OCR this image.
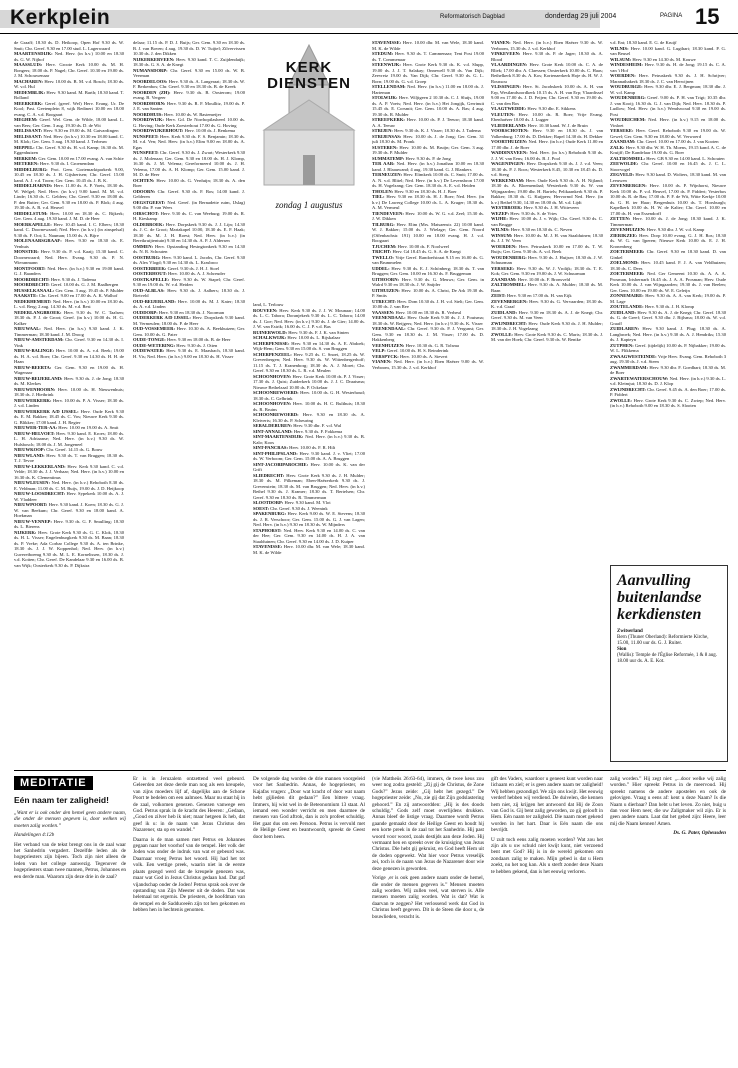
Kerkplein	Reformatorisch Dagblad	donderdag 29 juli 2004	PAGINA 15

de Graaff; 18.30 ds. D. Heikoop, Open Hof 9.30 ds. W. Smit; Chr. Geref. 9.30 en 17.00 stud. L. Lagerwaard

MAARTENSDIJK: Ned. Herv. (in h.v.) 10.00 en 18.30 ds. G. W. Nijhof

MAASSLUIS: Herv. Groote Kerk 10.00 ds. M. H. Bongers; 18.00 ds. P. Nagel; Chr. Geref. 10.30 en 19.00 ds. J. M. Schouwenaar

MACHAREN: Herv. 10.00 ds. B. M. v.d. Bosch; 18.30 ds. W. v.d. Hul

MEDEMBLIK: Herv. 9.30 kand. M. Barth; 18.30 kand. T. Bolland

MEERKERK: Geref. (geref. Wel) Herv. Evang. Ur. De Kool; Past. Geetenplein 8, wijk Redinert 10.00 en 18.00 evang. C. A. v.d. Boogaart

MEGHEM: Geref. Wel. Gem. de Wilde, 18.00 kand. L. van Bers; Ger. Gem. 3 aug. 19.30 ds. D. de Wit

MELISSANT: Herv. 9.30 en 19.00 ds. M. Gaivardingen

MELISSANT: Ned. Herv. (in h.v.) 10.30 en 18.00 kand. C. M. Klok; Ger. Gem. 5 aug. 19.30 kand. J. Terbeuw

MEPPEL: Chr. Geref. 9.30 ds. H. v.d. Kamp; 16.30 ds. M. Eggenhuizen

MERKEM: Ger. Gem. 10.00 en 17.00 evang. A. van Schie

METEREN: Herv. 9.30 ds. I. Groenendam

MIDDELBURG: Prot. Gem. Gortemarktparkerk 9.00, 10.45 en 18.30 ds. J. H. Gijsbertsen; Chr. Geref. 15.00 kand. A. J. v.d. Toorn; Ger. Gem. 10.45 ds. J. B. K.

MIDDELHARNIS: Herv. 11.00 ds. A. P. Voets, 18.30 ds. W. Welgel; Ned. Herv. (in h.v.) 9.00 kand. M. M. v.d. Linde; 16.30 ds. C. Gelders; Chr. Geref. 9.30 en 18.00 ds. P. den Butter; Ger. Gem. 9.30 en 18.00 ds. P. Blok; 4 aug. 19.30 ds. A. B. v.d. Heuvel

MIDDELSTUM: Herv. 10.00 en 18.30 ds. C. Bijkerk; Ger. Gem. 4 aug. 19.30 kand. J. M. D. de Heer

MOERKAPELLE: Herv. 10.45 kand. I. C. Elbers; 18.30 kand. C. Doornewaard; Ned. Herv. (in h.v.) (in zinspelsal) 9.30 ds. F. Oot; L. Nauman; 15.00 ds. A. Bijre

MOLENAARSGRAAF: Herv. 9.30 en 18.30 ds. E. Venhuis

MONSTER: Herv. 9.30 ds. P. v.d. Kaaij; 15.30 kand. C. Doornewaard; Ned. Herv. Evang. 9.30 ds. P. N. Wieranmann

MONTFOORT: Ned. Herv. (in h.v.) 9.30 en 19.00 kand. G. J. Baanders

MOORDRECHT: Herv. 9.30 ds. J. Tadema

MOORDRECHT: Geref. 10.00 ds. G. J. M. Baalbergen

MUSSELKANAAL: Ger. Gem. 3 aug. 19.45 ds. P. Mulder

NAAKSTE: Chr. Geref. 9.00 en 17.00 ds. A. K. Walhof

NEDERHEMERT: Ned. Herv. (in h.v.) 10.00 en 18.30 ds. L. v.d. Berg; 2 aug. 14.30 ds. M. v.d. Rest

NEDERLANGBROEK: Herv. 9.30 ds. W. C. Taalsen; 18.30 ds. P. J. de Groot; Geref. (in h.v.) 10.00 ds. H. G. Kalker

NIEUWAAL: Ned. Herv. (in h.v.) 9.30 kand. J. K. Timmerman; 18.30 kand. J. M. Droog

NIEUW-AMSTERDAM: Chr. Geref. 9.30 en 14.30 ds. I. Vink

NIEUW-BALINGE: Herv. 10.00 ds. A. v.d. Beek; 19.00 ds. H. A. v.d. Boer; Chr. Geref. 9.30 en 14.30 ds. H. H. de Haan

NIEUW-BEERTA: Ger. Gem. 9.30 en 19.00 ds. H. Wagenaar

NIEUW-BEIJERLAND: Herv. 9.30 ds. J. de Jong; 18.30 ds. M. Klerkes

NIEUWENHOORN: Herv. 10.00 ds. H. Nieuwenhuis; 18.30 ds. J. Hietbrink

NIEUWERKERK: Herv. 10.00 ds. P. A. Visser; 18.30 ds. J. v.d. Linden

NIEUWERKERK A/D IJSSEL: Herv. Oude Kerk 9.30 ds. E. M. Bakker; 18.45 ds. C. Vos; Nieuwe Kerk 9.30 ds. G. Blikker; 17.00 kand. J. H. Regter

NIEUWER-TER-AA: Herv. 10.00 en 19.00 ds. A. Smit

NIEUW-HELVOET: Herv. 9.30 kand. E. Kroes; 18.00 ds. L. H. Adriaanse; Ned. Herv. (in h.v.) 9.30 ds. W. Hulsbosch; 18.00 ds. J. M. Jongeneel

NIEUWKOOP: Chr. Geref. 14.15 ds. G. Bouw

NIEUWLAND: Herv. 9.30 ds. T. van Bruggen; 18.30 ds. T. J. Tevoe

NIEUW-LEKKERLAND: Herv. Kerk 9.30 kand. C. v.d. Velde; 18.30 ds. J. J. Verhaar; Ned. Herv. (in h.v.) 10.00 en 16.30 ds. K. Clementinus

NIEUWLEUSEN: Ned. Herv. (in h.v.) Rehoboth 8.30 ds. E. Veldman; 11.00 ds. C. M. Buijs, 19.00 ds. J. D. Heijkoop

NIEUW-LOOSDRECHT: Herv. Sypekerk 10.00 ds. A. J. W. Vladdeer

NIEUWPOORT: Herv. 9.30 kand. J. Koen; 18.30 ds. G. J. W. van Beekum; Chr. Geref. 9.30 en 18.00 kand. A. Hoekman

NIEUW-VENNEP: Herv. 9.30 ds. G. F. Smulling; 18.30 ds. L. Bierens

NIJKERK: Herv. Grote Kerk 9.30 ds. G. C. Klok, 18.30 ds. H. L. Visser; Engelenburgkerk 9.30 ds. M. Baan; 18.30 ds. P. Vreke; Ada Corbar College 9.30 ds. A. ten Brinke, 18.30 ds. J. J. W. Koppenhol; Ned. Herv. (in h.v.) Guvereiboemg 9.30 ds. M. L. E. Kornelissen, 18.30 ds. J. v.d. Kotten; Chr. Geref. De Kandelaar 9.30 en 16.00 ds. B. van Wijk; Oosterkerk 9.30 ds. P. Dijkstra

delaar; 11.15 ds. P. D. J. Buijs; Ger. Gem. 9.30 en 18.30 ds. B. J. van Boven; 4 aug. 19.30 ds. D. W. Tuijtel; Zilvervissen 10.30 ds. J. den Dikken

NIJKERKERVEEN: Herv. 9.30 kand. T. C. Zuijdendaijk; 18.30 ds. G. S. A. de Knegt

NUMANSDORP: Chr. Geref. 9.30 en 15.00 ds. W. B. Veerman

NOORDELOOS: Herv. 9.30 ds. A. Langeraat; 18.30 ds. W. F. Berkenbos; Chr. Geref. 9.30 en 18.30 ds. B. de Kreek

NOORDEN (ZH): Herv. 9.30 ds. B. Oosterom; 19.00 evang. B. Vergeer

NOORDHORN: Herv. 9.30 ds. R. F. Moullitz, 19.00 ds. P. J. E. van Santen

NOORDHUIS: Herv. 10.00 ds. W. Bastemeijer

NOORDWIJK: Herv. Gd. De Norrhoptlasheerl 10.00 ds. G. Hoving; Oude Kerk Zoesterhout 17.00 ds. G. Hoving

NOORDWIJKERHOUT: Herv. 10.00 ds. J. Renkema

NUNSPEET: Herv. Kerk 9.30 ds. F. S. Benjamin; 18.30 ds. M. v.d. Ven; Ned. Herv. (in h.v.) Elim 9.00 en 18.00 ds. A. Egas

NUNSPEET: Chr. Geref. 9.30 ds. J. Zwart; Westerkerk 9.30 ds. J. Molenaar; Ger. Gem. 9.30 en 18.00 ds. H. J. Klomp, 16.30 ds. J. M. Velema; Gereformeerd 10.00 ds. J. H. Velema, 17.00 ds. A. H. Klomp; Ger. Gem. 15.00 kand. J. M. D. de Heer

OCHTEN: Herv. 10.00 ds. G. Verduijn; 18.30 ds. A. den Boer

ODOORN: Chr. Geref. 9.30 ds. F. Bos; 14.00 kand. J. Gelderen

OEGSTGEEST: Ned. Geref. (in Bernadette ruim, IJslag) 9.00 dhr. P. van Wees

OIRSCHOT: Herv. 9.30 ds. C. van Weeburg; 19.00 ds. R. H. Kieskamp

OLDEBROEK: Herv. Dorpskerk 9.30 ds. J. J. Lijn; 14.30 ds. J. C. de Groot; Mariakapel 10.00, 18.30 ds. E. F. Haak; 18.30 ds. M. J. H. Roest; Ned. Herv. (in h.v.) (in Bereikruijtentuin) 9.30 en 14.30 ds. A. P. J. Aldersen

OMMEN: Herv. Opstanding Hesingtonkerk 9.30 en 14.30 ds. N. R. Schouten

OOSTBURG: Herv. 9.30 kand. L. Jacobs, Chr. Geref. 9.30 ds. Alex Vlogd; 9.30 en 14.30 ds. L. Krasbroo

OOSTERBEEK: Geref. 9.30 ds. J. H. J. Stoel

OOSTERHOUT: Herv. 10.00 ds. A. J. Schreuder

OOSTKAPELLE: Herv. 9.30 ds. W. Stapel; Chr. Geref. 9.30 en 19.00 ds. W. v.d. Heiden

OUD-ALBLAS: Herv. 9.30 ds. J. Aalbers; 18.30 ds. J. Rietveld

OUD-BEIJERLAND: Herv. 10.00 ds. M. J. Kater; 18.30 ds. A. v.d. Linden

OUDDORP: Herv. 9.30 en 18.30 ds. J. Noorman

OUDERKERK A/D IJSSEL: Herv. Dorpskerk 9.30 kand. M. Vermeulen; 18.00 ds. P. de Heer

OUD-VOSSEMEER: Herv. 10.30 ds. A. Beekhuizen; Ger. Gem. 10.00 ds. G. Pater

OUDE-TONGE: Herv. 9.30 en 18.00 ds. B. de Heer

OUDE-WETERING: Herv. 9.30 ds. J. Otten

OUDEWATER: Herv. 9.30 ds. E. Maasbach, 18.30 kand. H. Vis; Ned. Herv. (in h.v.) 9.00 en 18.30 ds. H. Visser

KERK
DIENSTEN
zondag 1 augustus

land, L. Terlouw

ROUVEEN: Herv. Kerk 9.30 ds. J. J. W. Mounaar; 14.00 ds. L. C. Tabora; Doranjekerk 9.30 ds. L. C. Tabora; 14.00 ds. J. Goe; Ned. Herv. (in h.v.) 9.30 ds. J. de Gier; 14.00 ds. J. W. van Estrik; 16.00 ds. C. J. P. v.d. Bas

RUINERWOLD: Herv. 9.30 ds. F. J. K. van Sinten

SCHALKWIJK: Herv. 10.00 ds. L. Rijskalaar

SCHERPENISSE: Herv. 9.30 en 14.30 ds. A. E. Abdoek; Wijk-Hem; Gem. 9.30 en 15.00 ds. S. van Bruggen

SCHERPENZEEL: Herv. 9.25 ds. C. Snoei, 18.25 ds. W. Grevenbergen; Ned. Herv. 9.30 ds. W. Wittenbergerhoff; 11.15 ds. T. J. Kranenborg; 18.30 ds. A. J. Moret; Chr. Geref. 9.30 en 18.30 ds. L. R. v.d. Meulen

SCHOONHOVEN: Herv. Grote Kerk 10.00 ds. P. J. Visser; 17.30 ds. J. Quist; Zuiderkerk 10.00 ds. J. J. C. Draaisma; Nieuwe Bethelzaal 10.00 ds. P. Ockelaar

SCHOONREWOERD: Herv. 10.00 ds. G. H. Westerhoud; 18.30 ds. C. Gelbrink

SCHOONHOVEN: Herv. 10.00 ds. H. C. Bulthuis; 18.30 ds. R. Bruins

SCHOONREWOERD: Herv. 9.30 en 18.30 ds. A. Kleiverts; 16.30 ds. P. Scheuring

SEBALDEBUREN: Herv. 9.30 dhr. F. v.d. Wal

SINT-ANNALAND: Herv. 9.30 ds. F. Fokkema

SINT-MAARTENSDIJK: Ned. Herv. (in h.v.) 9.30 ds. B. Kalo; Koos

SINT-PANCRAS: Herv. 10.00 ds. F. R. Hilt

SINT-PHILIPSLAND: Herv. 9.30 kand. J. v. Vliet; 17.00 ds. W. Verboom; Ger. Gem. 15.00 ds. A. A. Bruggen

SINT-JACOBIPAROCHIE: Herv. 10.00 ds. K. van der Grift

SLIEDRECHT: Herv. Grote Kerk 9.30 ds. J. H. Mulder; 18.30 ds. M. Pilkeman; Eben-Haëzerkerk 9.30 ds. J. Grevenstein; 18.30 ds. M. van Bruggen; Ned. Herv. (in h.v.) Bethel 9.30 ds. J. Kramer; 18.30 ds. T. Bertelsen; Chr. Geref. 9.30 en 18.30 ds. R. Timmerman

SLOOTDORP: Herv. 9.30 kand. M. Vlot

SOEST: Chr. Geref. 9.30 ds. J. Weenink

SPAKENBURG: Herv. Kerk 9.00 ds. W. E. Stevens; 18.30 ds. J. R. Verschoor; Ger. Gem. 15.00 ds. G. J. van Lagen; Ned. Herv. (in h.v.) 9.30 en 18.30 ds. W. Mijnders

STAPHORST: Ned. Herv. Kerk 9.30 en 14.00 ds. C. van der Hee; Ger. Gem. 9.30 en 14.00 ds. H. J. A. van Staalduinen; Chr. Geref. 9.30 en 14.00 ds. J. D. Kuiper

STAVENISSE: Herv. 10.00 dhr. M. van Wele; 18.30 kand. M. K. de Wilde

STAVENISSE: Herv. 10.00 dhr. M. van Wele, 18.30 kand. M. K. de Wilde

STEDUM: Herv. 9.30 ds. T. Cammenaar; Tent Post 19.00 ds. T. Commenaar

STEENWIJK: Herv. Grote Kerk 9.30 ds. K. v.d. Slupp, 19.00 ds. J. J. T. Salakay; Onnewell 9.30 ds. Van Dijk; Zeevreiz 19.00 ds. Van Dijk; Chr. Geref. 9.30 ds. G. L. Born; 19.00 ds. G. v.d. Groep

STELLENDAM: Ned. Herv. (in h.v.) 11.00 en 18.00 ds. J. Harteman

STOLWIJK: Herv. Wiljigeen 2 10.30 ds. C. J. Sluijs, 19.00 ds. A. P. Voets; Ned. Herv. (in h.v.) Het Jongijk, Gerrinuit 15.45 ds. E. Corsmit; Ger. Gem. 10.00 ds. A. Bas; 4 aug. 19.30 ds. R. Mulder

STREEFKERK: Herv. 10.00 ds. P. J. Teeuw; 18.30 kand. A. A. Teeuw

STRIJEN: Herv. 9.30 ds. K. J. Visser; 18.30 ds. J. Tadema

STRIJENSAS: Herv. 10.00 ds. J. de Jong; Ger. Gem. 31 juli 18.30 ds. M. Pronk

SUSTEREN: Herv. 10.00 ds. M. Bruijn; Ger. Gem. 3 aug. 19.30 ds. P. Mulder

SUMMATEMP: Herv. 9.30 ds. P. de Jong

TER AAR: Ned. Herv. (in h.v.) Jonathan 10.00 en 18.30 kand. J. Blaauwand; 4 aug. 19.30 kand. G. J. Blankers

TERNEUZEN: Herv. Elimkerk 10.00 ds. C. Smit; 17.00 ds. A. N. v.d. Blitel; Ned. Herv. (in h.v.) De Levensbron 17.00 ds. H. Vogelzang; Ger. Gem. 18.30 ds. A. E. v.d. Heiden

THOLEN: Herv. 9.30 en 18.30 ds. H. J. Boer

TIEL: Herv. 9.30 en 18.30 ds. H. J. Boer; Ned. Herv. (in h.v.) De Lawerg College 10.00 ds. L. A. Kruger; 18.30 ds. A. M. Vermeul

TIENDEVEEN: Herv. 10.00 ds. W. G. v.d. Zeel; 15.30 ds. J. W. Dikken

TILBURG: Herv. Elim (Mrs. Matsaenstr. 22) 10.00 kand. W. J. Bakker; 15.00 ds. J. Wielage; Ger. Gem. Noord (Offenbachstr. 191) 10.00 en 18.00 evang. H. J. v.d. Boogaart

TJUCHEM: Herv. 10.00 ds. F. Noolweel

TRICHT: Herv. Gd 18.45 ds. G. S. A. de Knegt

TWELLO: Vrije Geref. Randoefstraat 9.15 en 16.00 ds. G. van Brummelen

UDDEL: Herv. 9.30 ds. E. J. Schönberg; 18.30 ds. T. van Bruggen; Ger. Gem. 10.00 en 16.30 ds. F. Bruggeman

UITHOORN: Herv. 9.30 ds. G. Meuws; Ger. Gem. in Walrd 9.30 en 18.30 ds. J. W. Snijder

UITHUIZEN: Herv. 10.00 ds. A. Christ, De Ark 19.30 ds. P. Smits

UTRECHT: Herv. Dom 10.30 ds. J. H. v.d. Stelt; Ger. Gem. 10.00 ds. J. van Ree

VAASSEN: Herv. 10.00 en 18.30 ds. R. Verheul

VEENENDAAL: Herv. Oude Kerk 9.30 ds. J. J. Poutsma; 18.30 ds. W. Reijgers; Ned. Herv. (in h.v.) 9.30 ds. K. Visser

VEENENDAAL: Chr. Geref. 9.30 ds. P. J. Vergunst; Ger. Gem. 9.30 en 18.30 ds. J. M. Visser; 17.00 ds. D. Hakkenberg

VEENHUIZEN: Herv. 10.30 ds. G. R. Tolsma

VELP: Geref. 10.00 ds. H. S. Reinderink

VERSPYCK: Herv. 10.00 ds. A. Sievert

VIANEN: Ned. Herv. (in h.v.) Eben Haëzer 9.00 ds. W. Verboom, 15.30 ds. J. v.d. Kerkhof

VIANEN: Ned. Herv. (in h.v.) Eben Haëzer 9.30 ds. W. Verboom, 15.30 ds. J. v.d. Kerkhof

VINKEVEEN: Herv. 9.30 ds. P. de Jager; 18.30 ds. A. Blood

VLAARDINGEN: Herv. Grote Kerk 10.00 ds. C. A. de Bliek; 17.00 dhr. A. Claessen; Oosterkerk 10.00 ds. C. Haas; Bethelkerk 8.30 ds. A. Kos; Kortenaerkerk Hoje ds. H. W. J. Roussou

VLISSINGEN: Herv. St. Jacobskerk 10.00 ds. A. H. van Erp, Westlandsoordkerk 10.15 ds. A. H. van Erp; Vlaardissel 9.00 en 17.00 ds. J. D. Feijen; Chr. Geref. 9.30 en 19.00 ds. C. van den Bos

VLAGTWEDDE: Herv. 9.30 dhr. E. Sikkens

VLEUTEN: Herv. 10.00 ds. R. Boer; Vrije Evang. Ebenhaëzer 10.00 ds. J. Lugger

VLIEDERLAND: Herv. 10.30 kand. W. J. de Bruin

VOORSCHOTEN: Herv. 9.30 en 18.30 ds. J. van Valkenburg; 17.00 ds. D. Dekker; Rapel 14.30 ds. H. Dekker

VOORTHUIZEN: Ned. Herv. (in h.v.) Oude Kerk 11.00 en 17.00 dhr. J. de Boer

WADDINXVEEN: Ned. Herv. (in h.v.) Rehoboth 9.30 ds. J. J. W. van Eens; 16.00 ds. B. J. Pool

WAGENINGEN: Herv. Dorpskerk 9.30 ds. J. J. v.d. Veen; 18.30 ds. P. J. Roos; Westerkerk 8.45, 10.30 en 18.45 ds. D. v.d. Steeg

WERKENDAM: Herv. Oude Kerk 9.30 ds. A. H. Nijland; 18.30 ds. A. Bloemendaal; Westerkerk 9.30 ds. W. van Wijngaarden; 19.00 dhr. H. Bartels; Pelikaankerk 9.30 ds. P. Bakker; 18.30 ds. G. Kuijpers; Hervormd Ned. Herv. (in h.v.) Bethel 9.30, 14.30 en 18.00 ds. M. v.d. Lijdt

WESTBROEK: Herv. 9.30 ds. J. H. Witteveen

WEZEP: Herv. 9.30 ds. S. de Vries

WIJHE: Herv. 10.00 ds. J. v. Wijk; Chr. Geref. 9.30 ds. C. van Brugge

WILNIS: Herv. 9.30 en 18.30 ds. C. Neven

WINSUM: Herv. 10.00 ds. M. J. H. van Staalduinen; 18.30 ds. J. J. W. Veen

WOERDEN: Herv. Petruskerk 10.00 en 17.00 ds. T. W. Buijs; Ger. Gem. 9.30 ds. A. v.d. Beek

WOUDENBERG: Herv. 9.30 ds. J. Huijser; 18.30 ds. J. W. Schuurman

YERSEKE: Herv. 9.30 ds. W. J. Vrolijk; 18.30 ds. T. E. Kok; Ger. Gem. 9.30 en 19.00 ds. J. W. Schuurman

ZAANDAM: Herv. 10.00 ds. F. Bronsveld

ZALTBOMMEL: Herv. 9.30 ds. A. Mulder; 18.30 ds. M. Baan

ZEIST: Herv. 9.30 en 17.00 ds. H. van Eijk

ZEVENBERGEN: Herv. 9.30 ds. G. Vervaarden; 18.30 ds. K. v.d. Graaf

ZUIDLAND: Herv. 9.30 en 18.30 ds. A. J. de Knegt; Chr. Geref. 9.30 ds. M. van Veen

ZWIJNDRECHT: Herv. Oude Kerk 9.30 ds. J. H. Mulder; 18.30 ds. J. H. Vogelzang

ZWOLLE: Herv. Grote Kerk 9.30 ds. C. Maris; 18.30 ds. J. M. van der Hoek; Chr. Geref. 9.30 ds. W. Bentke

v.d. Ent; 18.30 kand. E. G. de Kruijf

WILNIS: Herv. 10.00 kand. G. Lugthart; 18.30 kand. P. G. van Beusel

WILSUM: Herv. 9.30 en 14.30 ds. M. Kouwe

WINDESHEIM: Herv. 9.30 ds. H. de Jong; 19.15 ds. C. A. van 't Hof

WOERDEN: Herv. Petruskerk 9.30 ds. J. H. Schrijver; Maranathakerk 18.30 ds. J. C. van Herwijnen

WOUDBURGE: Herv. 9.30 dhr. E. J. Bergman; 18.30 dhr. J. W. v.d. Kamp

WOUDENBERG: Geref. 9.00 ds. P. H. van Trigt; 10.35 dhr. J. van Kooij; 16.30 ds. G. J. van Dijk; Ned. Herv. 18.30 ds. P. Ludlow; Ned. Herv. (in h.v.) Wendswoud 9.30 en 19.00 ds. Post

WOUDRICHEM: Ned. Herv. (in h.v.) 9.15 en 18.00 ds. Vinloet

YERSEKE: Herv. Geref. Rehoboth 9.30 en 19.00 ds. W. Gewel; Ger. Gem. 9.30 en 18.00 ds. W. Verwoerd

ZAANDAM: Chr. Geref. 10.00 en 17.00 ds. J. van Kooten

ZALK: Herv. 9.30 dhr. W. H. Th. Moens, 19.15 kand. A. C. de Kruijff; De Kandelaar 19.00 ds. G. Boer

ZALTBOMMEL: Herv. GB 9.30 en 14.00 kand. L. Schouten

ZEEWOLDE: Chr. Geref. 10.00 en 16.45 ds. J. C. L. Stoorvogel

ZEGVELD: Herv. 9.30 kand. D. Wolters, 18.30 kand. M. van Leeuwen

ZEVENBERGEN: Herv. 10.00 ds. P. Wijnhorst, Nieuwe Kerk 10.00 ds. P. v.d. Heuvel, 17.00 ds. P. Fiddert; Vesterbos 10.00 ds. R. de Bas; 17.00 ds. P. F. de Wit, Witte Kerkje 10.00 ds. G. H. ter Haar; Bergenhuis 10.00 ds. T. Horsburgh; Kapelkerk 10.00 ds. H. W. de Kalter; Chr. Geref. 10.00 en 17.00 ds. H. van Essendorff

ZETTEN: Herv. 10.00 ds. J. de Jong; 18.30 kand. J. K. Timmerman

ZEVENHUIZEN: Herv. 9.30 dhr. J. W. v.d. Kamp

ZIERIKZEE: Herv. Dorp 10.00 evang. G. J. H. Ros; 18.30 ds. W. G. van Ijperen; Nieuwe Kerk 10.00 ds. E. J. H. Kronenberg

ZOETERMEER: Chr. Geref. 9.30 en 18.30 kand. D. van Ginkel

ZOELMOND: Herv. 10.45 kand. F. J. A. van Veldhuizen; 18.30 ds. C. Dees

ZOETERMEER: Ned. Ger Gemeent 10.30 ds. A. A. A. Prosman, Irisbernarb 16.45 ds. J. A. A. Prosman; Herv. Oude Kerk 10.00 ds. J. van Wijngaarden; 19.30 ds. J. van Beelen; Ger. Gem. 10.00 en 19.00 ds. W. E. Geleijn

ZONNEMAIRE: Herv. 9.30 ds. A. A. van Kerk; 19.00 ds. P. M. Lage

ZOUTELANDE: Herv. 9.30 ds. J. H. Klomp

ZUIDLAND: Herv. 9.30 ds. A. J. de Knegt; Chr. Geref. 18.30 ds. G. de Greef; Geref. 9.30 dhr. J. Bijlsma; 18.00 ds. W. v.d. Graaff

ZUIDLAREN: Herv. 9.30 kand. J. Plug; 18.30 ds. A. Langbroek; Ned. Herv. (in h.v.) 9.30 ds. A. J. Hendriks; 15.30 ds. J. Kapteyn

ZUTPHEN: Geref. (tijdelijk) 10.00 ds. P. Nijbakker; 19.00 ds. W. L. Flikkema

ZWAAGWESTEINDE: Vrije Herv. Evang. Gem. Rehoboth 3 aug. 19.30 ds. J. v.d. Steen

ZWAMMERDAM: Herv. 9.30 dhr. F. Goedhart; 18.30 ds. M. de Boer

ZWARTEWATERSCHOUW: Ned. Herv. (in h.v.) 9.30 ds. L. v.d. Kleimjut; 18.30 ds. D. J. Klop

ZWIJNDRECHT: Chr. Geref. 9.45 ds. A. den Boer; 17.00 ds. P. Fiddert

ZWOLLE: Herv. Grote Kerk 9.30 ds. C. Zwiep; Ned. Herv. (in h.v.) Rehoboth 9.00 en 18.30 ds. S. Slooten

Aanvulling buitenlandse kerkdiensten
Zwitserland
Bern (Thuner Oberland): Reformierte Kirche, 15.00, 11.00 uur ds. G. J. Ruiter.
Sion
(Wallis): Temple de l'Église Reformée, 1 & 8 aug. 18.00 uur ds. A. E. Kot.
MEDITATIE
Eén naam ter zaligheid!

„Want er is ook onder den hemel geen andere naam, die onder de mensen gegeven is, door welken wij moeten zalig worden.”

Handelingen 4:12b

Het verband van de tekst brengt ons in de zaal waar het Sanhedrin vergadert. Dezelfde leden als de hogepriesters zijn bijeen. Toch zijn niet alleen de leden van het college aanwezig. Tegenover de hogepriesters staan twee mannen, Petrus, Johannes en een derde man. Waarom zijn deze drie in de zaal?

Er is in Jeruzalem ontzettend veel gebeurd. Geleerden zet deze derde man nog als een kreupele, van zijns moeders lijf af, dagelijks aan de Schone Poort te bedelen om een aalmoes. Maar nu staat hij in de zaal, volkomen genezen. Genezen vanwege een God. Petrus sprak in de kracht des Heeren: „Gedaan, „Goud en zilver heb ik niet; maar hetgeen ik heb, dat geef ik u: in de naam van Jezus Christus den Nazarener, sta op en wandel.”

Daarna is de man samen met Petrus en Johannes gegaan naar het voorhof van de tempel. Het volk der Joden was onder de indruk van wat er gebeurd was. Daarnaar vroeg Petrus het woord. Hij had het tot volk. Een wettige preek, waarin niet in de eerste plaats gezegd werd dat de kreupele genezen was, maar wat God in Jezus Christus gedaan had. Dat gaf vijandschap onder de Joden! Petrus sprak ook over de opstanding van Zijn Meester uit de doden. Dat was helemaal tot ergernis. De priesters, de hoofdman van de tempel en de Sadduceeën zijn tot hen gekomen en hebben hen in hechtenis genomen.

De volgende dag worden de drie mannen voorgeleid voor het Sanhedrin. Annas, de hogepriester, en Kajafas vragen: „Door wat kracht of door wat naam hebt gijlieden dit gedaan?” Een bittere vraag. Immers, hij wist wel in de Beteonomium 13 staat. Al iemand een wonder verricht en men daarmee de mensen van God aftrok, dan is zo'n profeet schuldig. Het gaat dus om een Persoon. Petrus is vervuld met de Heilige Geest en beantwoordt, spreekt de Geest door hem heen.

(vie Mattheüs 26:63-64), immers, de twee keus zou weer nog zodra gesteld: „Zij gij de Christus, de Zone Gods?” Jezus zeide: „Gij hebt het gezegd.” De hogepriester zeide: „Nu, zie gij dat Zijn godslastering gehoord.” En zij antwoordden: „Hij is des doods schuldig.” Gods zelf moet overlijdens drukken. Annas bleef de listige vraag. Daarmee wordt Petrus gaande gemaakt door de Heilige Geest en houdt hij een korte preek in de zaal tot het Sanhedrin. Hij past woord voor woord, zoals destijds aan deze Joden. Hij vermaant hen en spreekt over de kruisiging van Jezus Christus. Die hebt gij gekruist, en God heeft Hem uit de doden opgewekt. Wat hier voor Petrus vreselijk zei, toch is de naam van Jezus de Nazarener door wie deze genezen is geworden.

Vorige ‚er is ook geen andere naam onder de hemel, die onder de mensen gegeven is.” Mensen moeten zalig worden. Wij zullen veel, wat sterven is. Alle mensen moeten zalig worden. Wat is dat? Wat is daarvan te zeggen? Het verlossend werk dat God in Christus heeft gegeven. Dit is de Steen die door u, de bouwlieden, veracht is.

gift des Vaders, waardoor u geneest kunt worden naar lichaam en ziel; er is geen andere naam ter zaligheid! Wij hebben gezondigd. We zijn ons kwijt. Het eeuwig verderf hebben wij verdiend. De duivelen, die kennen hem niet, zij krijgen het antwoord dat Hij de Zoon van God is. Gij bent zalig geworden, zo gij gelooft in Hem. Eén naam ter zaligheid. Die naam moet gekend worden in het hart. Daar is Eén naam die ons bevrijdt.

U zult toch eens zalig moeten worden? Wat zou het zijn als u uw schuld niet kwijt kunt, niet verzoend bent met God? Hij is in de wereld gekomen om zondaars zalig te maken. Mijn gebed is dat u Hem zoekt, nu het nog kan. Als u sterft zonder deze Naam te hebben gekend, dan is het eeuwig verloren.

zalig worden.” Hij zegt niet: „...door welke wij zalig worden.” Hier spreekt Petrus in de meervoud. Hij spreekt namens de andere apostelen en ook de gelovigen. Vraag u eens af: kent u deze Naam? Is die Naam u dierbaar? Dan hebt u het leven. Zo niet, buig u dan voor Hem neer, die uw Zaligmaker wil zijn. Er is geen andere naam. Laat dat het gebed zijn: Heere, leer mij die Naam kennen! Amen.

Ds. G. Pater, Opheusden
